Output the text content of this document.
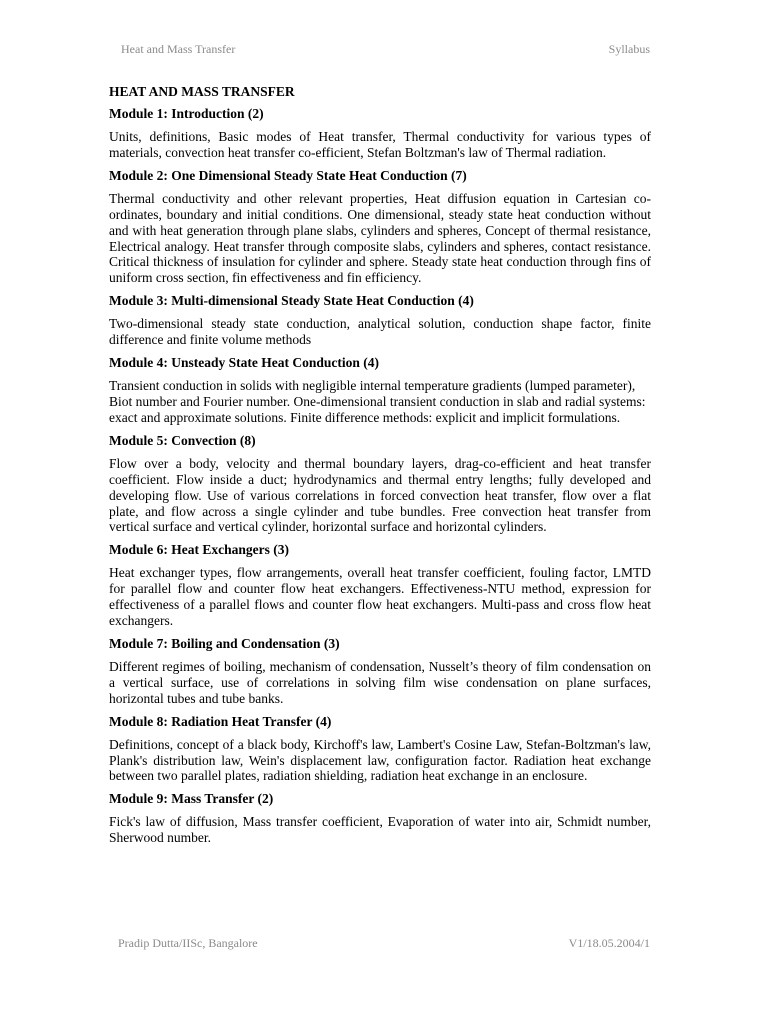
Heat and Mass Transfer	Syllabus
HEAT AND MASS TRANSFER
Module 1: Introduction (2)
Units, definitions, Basic modes of Heat transfer, Thermal conductivity for various types of materials, convection heat transfer co-efficient, Stefan Boltzman's law of Thermal radiation.
Module 2: One Dimensional Steady State Heat Conduction (7)
Thermal conductivity and other relevant properties, Heat diffusion equation in Cartesian co-ordinates, boundary and initial conditions. One dimensional, steady state heat conduction without and with heat generation through plane slabs, cylinders and spheres, Concept of thermal resistance, Electrical analogy. Heat transfer through composite slabs, cylinders and spheres, contact resistance. Critical thickness of insulation for cylinder and sphere. Steady state heat conduction through fins of uniform cross section, fin effectiveness and fin efficiency.
Module 3: Multi-dimensional Steady State Heat Conduction (4)
Two-dimensional steady state conduction, analytical solution, conduction shape factor, finite difference and finite volume methods
Module 4: Unsteady State Heat Conduction (4)
Transient conduction in solids with negligible internal temperature gradients (lumped parameter), Biot number and Fourier number. One-dimensional transient conduction in slab and radial systems: exact and approximate solutions. Finite difference methods: explicit and implicit formulations.
Module 5: Convection (8)
Flow over a body, velocity and thermal boundary layers, drag-co-efficient and heat transfer coefficient. Flow inside a duct; hydrodynamics and thermal entry lengths; fully developed and developing flow. Use of various correlations in forced convection heat transfer, flow over a flat plate, and flow across a single cylinder and tube bundles. Free convection heat transfer from vertical surface and vertical cylinder, horizontal surface and horizontal cylinders.
Module 6: Heat Exchangers (3)
Heat exchanger types, flow arrangements, overall heat transfer coefficient, fouling factor, LMTD for parallel flow and counter flow heat exchangers. Effectiveness-NTU method, expression for effectiveness of a parallel flows and counter flow heat exchangers. Multi-pass and cross flow heat exchangers.
Module 7: Boiling and Condensation (3)
Different regimes of boiling, mechanism of condensation, Nusselt’s theory of film condensation on a vertical surface, use of correlations in solving film wise condensation on plane surfaces, horizontal tubes and tube banks.
Module 8: Radiation Heat Transfer (4)
Definitions, concept of a black body, Kirchoff's law, Lambert's Cosine Law, Stefan-Boltzman's law, Plank's distribution law, Wein's displacement law, configuration factor. Radiation heat exchange between two parallel plates, radiation shielding, radiation heat exchange in an enclosure.
Module 9: Mass Transfer (2)
Fick's law of diffusion, Mass transfer coefficient, Evaporation of water into air, Schmidt number, Sherwood number.
Pradip Dutta/IISc, Bangalore	V1/18.05.2004/1
